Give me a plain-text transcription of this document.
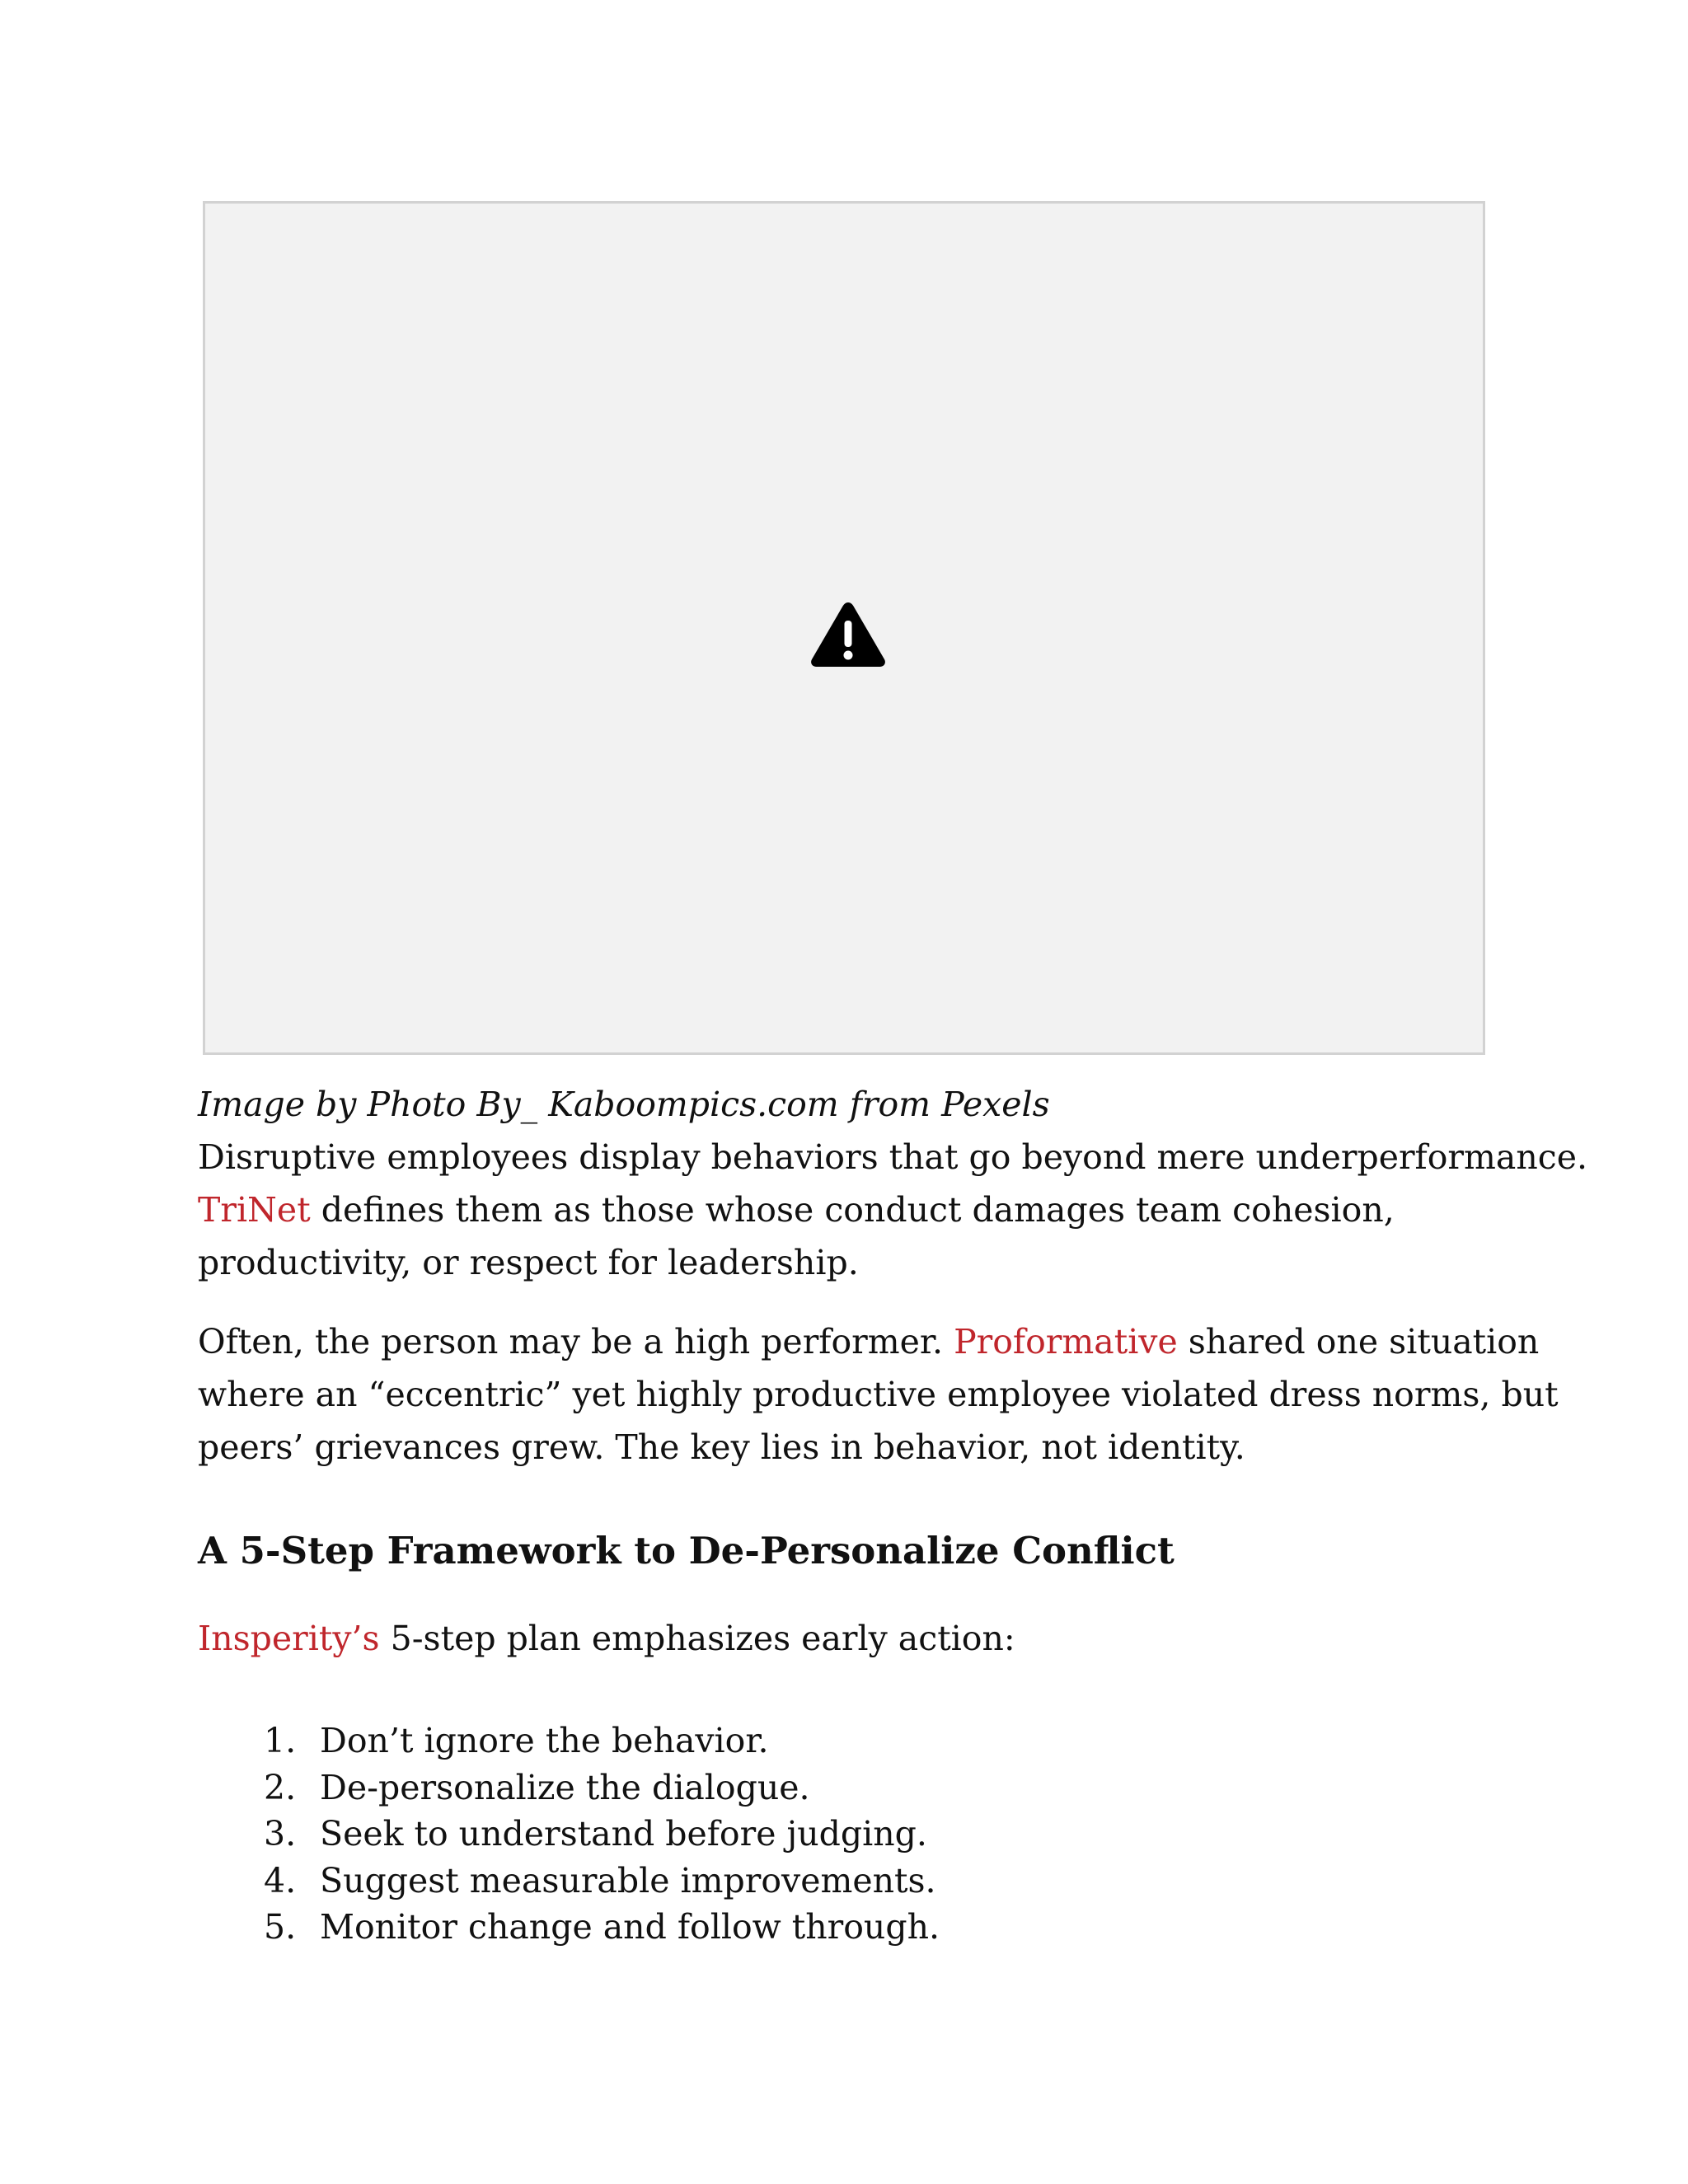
Image by Photo By_ Kaboompics.com from Pexels

Disruptive employees display behaviors that go beyond mere underperformance.
TriNet defines them as those whose conduct damages team cohesion,
productivity, or respect for leadership.

Often, the person may be a high performer. Proformative shared one situation
where an “eccentric” yet highly productive employee violated dress norms, but
peers’ grievances grew. The key lies in behavior, not identity.

A 5-Step Framework to De-Personalize Conflict

Insperity’s 5-step plan emphasizes early action:

1. Don’t ignore the behavior.
2. De-personalize the dialogue.
3. Seek to understand before judging.
4. Suggest measurable improvements.
5. Monitor change and follow through.
